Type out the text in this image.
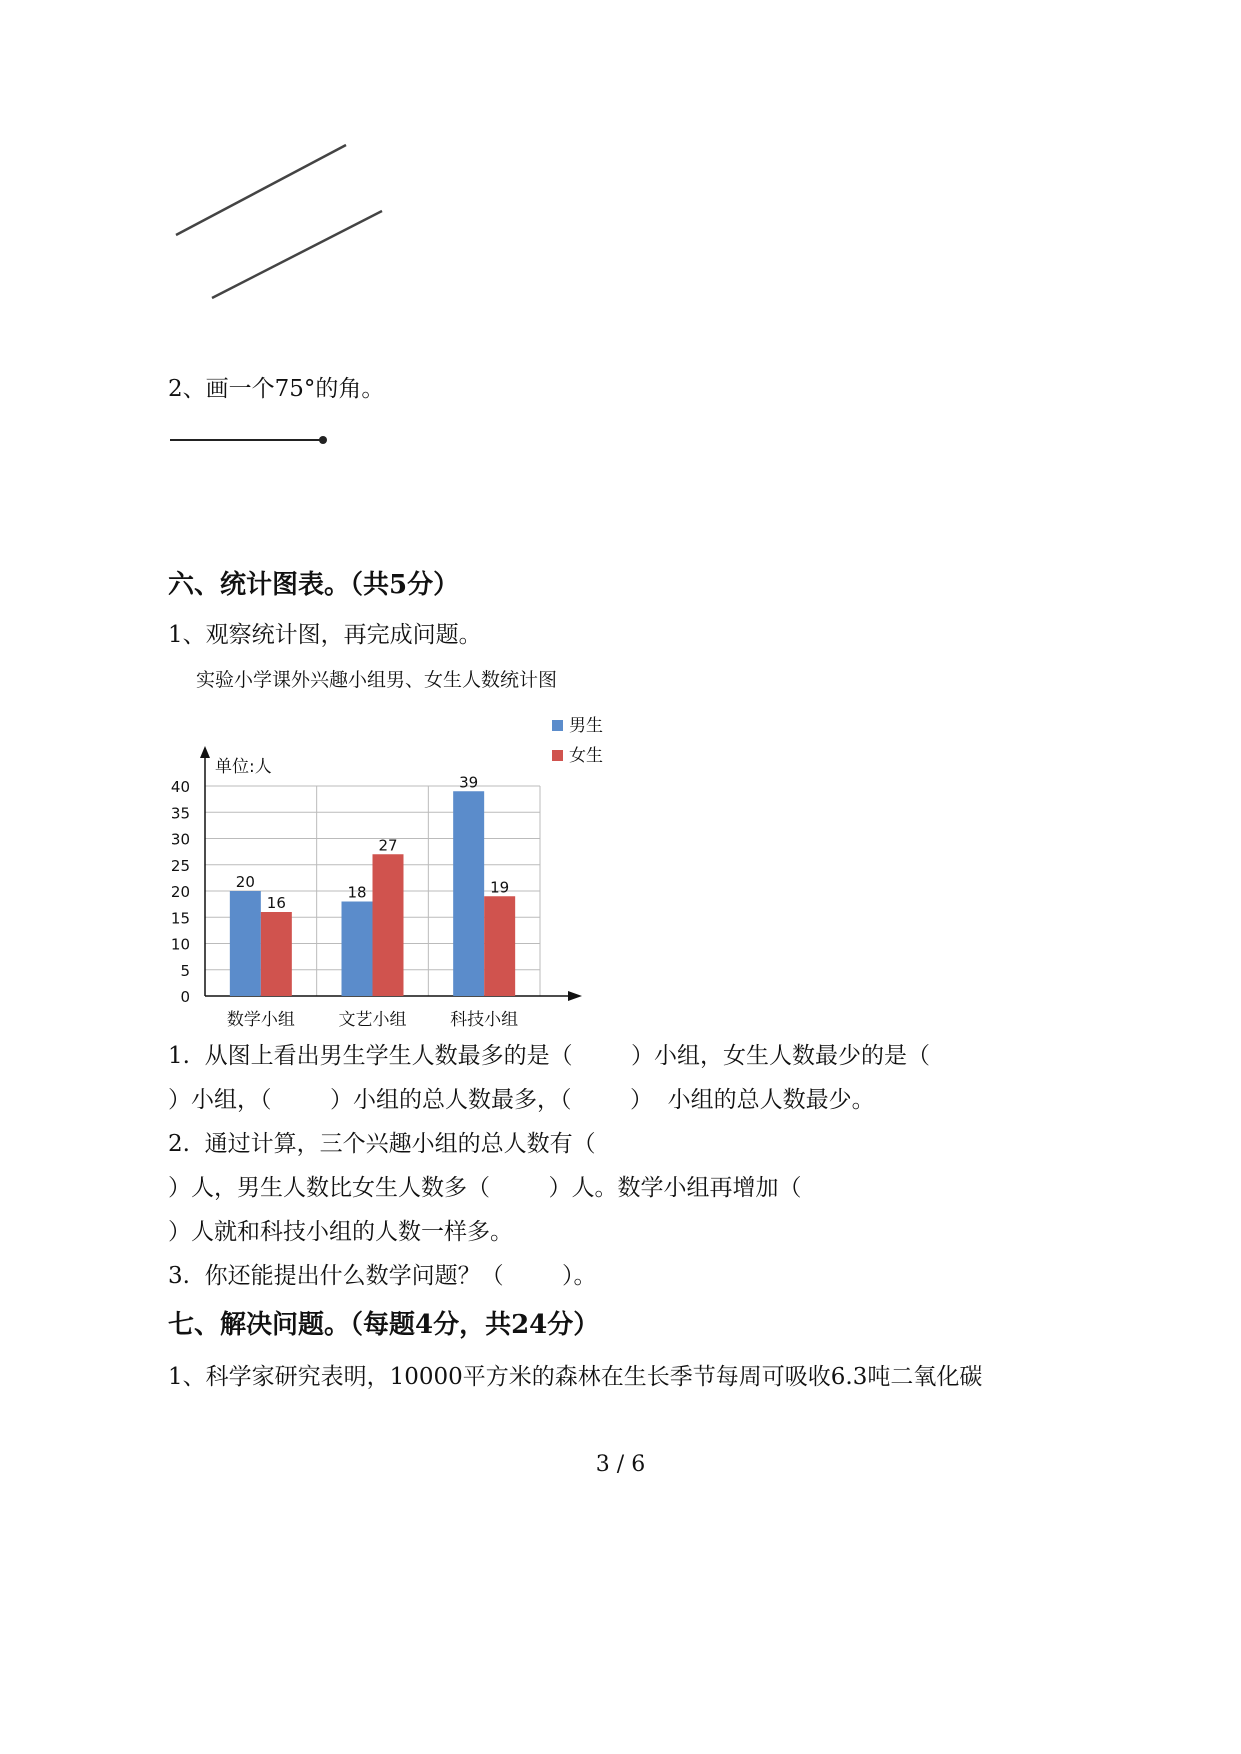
2、画一个75°的角。
六、统计图表。（共5分）
1、观察统计图，再完成问题。
实验小学课外兴趣小组男、女生人数统计图
0
5
10
15
20
25
30
35
40
单位:人
20
16
数学小组
18
27
文艺小组
39
19
科技小组
男生
女生
1.  从图上看出男生学生人数最多的是（        ）小组，女生人数最少的是（
）小组，（        ）小组的总人数最多，（        ）  小组的总人数最少。
2.  通过计算，三个兴趣小组的总人数有（
）人，男生人数比女生人数多（        ）人。数学小组再增加（
）人就和科技小组的人数一样多。
3.  你还能提出什么数学问题？（        ）。
七、解决问题。（每题4分，共24分）
1、科学家研究表明，10000平方米的森林在生长季节每周可吸收6.3吨二氧化碳
3 / 6
